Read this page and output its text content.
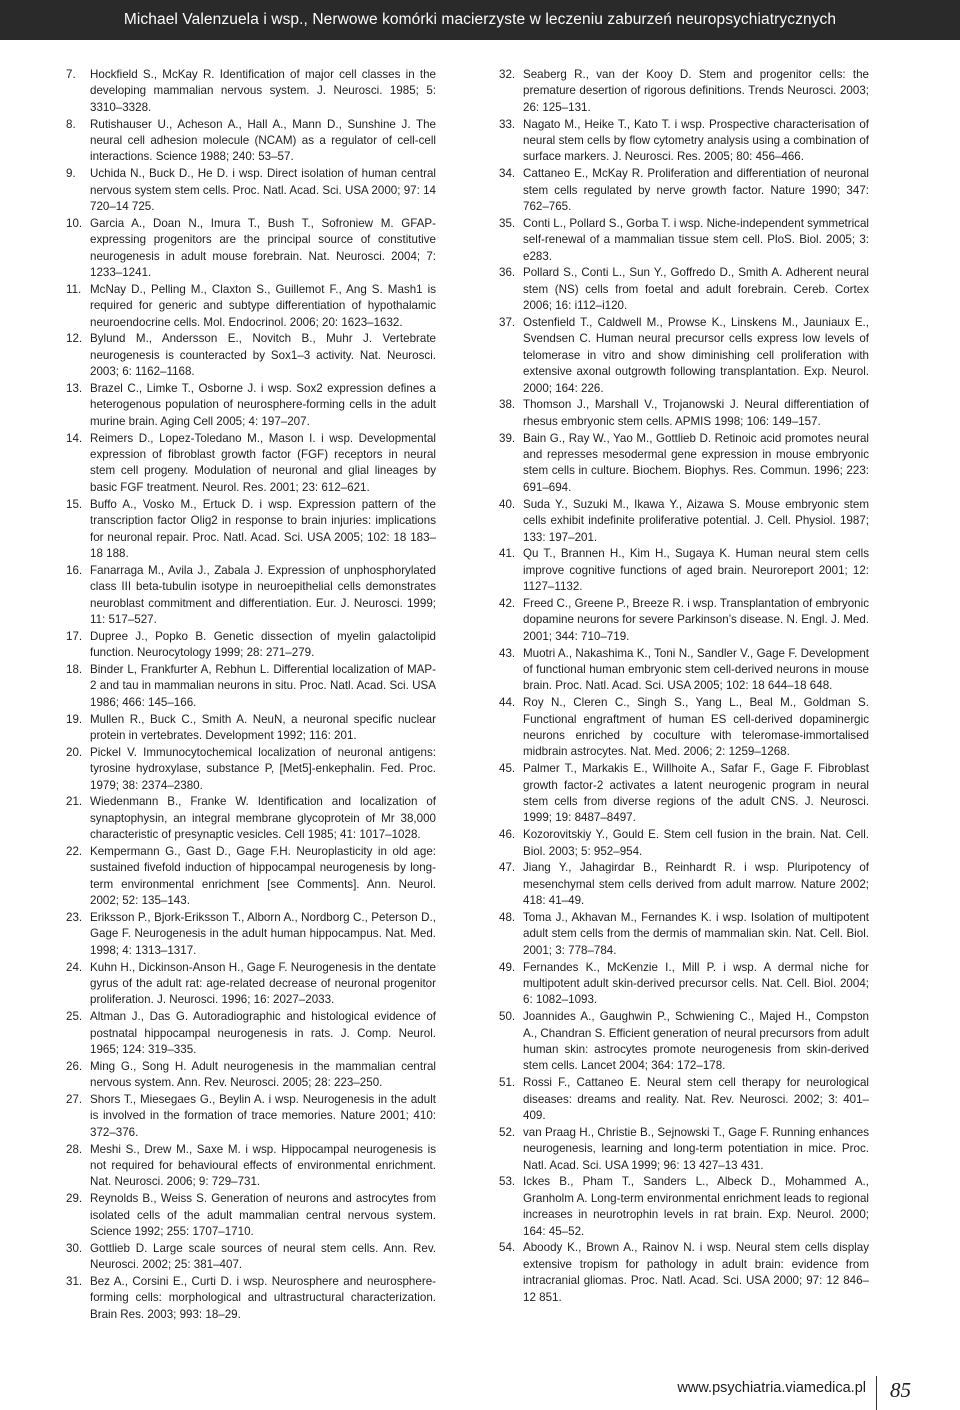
Michael Valenzuela i wsp., Nerwowe komórki macierzyste w leczeniu zaburzeń neuropsychiatrycznych
7.	Hockfield S., McKay R. Identification of major cell classes in the developing mammalian nervous system. J. Neurosci. 1985; 5: 3310–3328.
8.	Rutishauser U., Acheson A., Hall A., Mann D., Sunshine J. The neural cell adhesion molecule (NCAM) as a regulator of cell-cell interactions. Science 1988; 240: 53–57.
9.	Uchida N., Buck D., He D. i wsp. Direct isolation of human central nervous system stem cells. Proc. Natl. Acad. Sci. USA 2000; 97: 14 720–14 725.
10. Garcia A., Doan N., Imura T., Bush T., Sofroniew M. GFAP-expressing progenitors are the principal source of constitutive neurogenesis in adult mouse forebrain. Nat. Neurosci. 2004; 7: 1233–1241.
11. McNay D., Pelling M., Claxton S., Guillemot F., Ang S. Mash1 is required for generic and subtype differentiation of hypothalamic neuroendocrine cells. Mol. Endocrinol. 2006; 20: 1623–1632.
12. Bylund M., Andersson E., Novitch B., Muhr J. Vertebrate neurogenesis is counteracted by Sox1–3 activity. Nat. Neurosci. 2003; 6: 1162–1168.
13. Brazel C., Limke T., Osborne J. i wsp. Sox2 expression defines a heterogenous population of neurosphere-forming cells in the adult murine brain. Aging Cell 2005; 4: 197–207.
14. Reimers D., Lopez-Toledano M., Mason I. i wsp. Developmental expression of fibroblast growth factor (FGF) receptors in neural stem cell progeny. Modulation of neuronal and glial lineages by basic FGF treatment. Neurol. Res. 2001; 23: 612–621.
15. Buffo A., Vosko M., Ertuck D. i wsp. Expression pattern of the transcription factor Olig2 in response to brain injuries: implications for neuronal repair. Proc. Natl. Acad. Sci. USA 2005; 102: 18 183–18 188.
16. Fanarraga M., Avila J., Zabala J. Expression of unphosphorylated class III beta-tubulin isotype in neuroepithelial cells demonstrates neuroblast commitment and differentiation. Eur. J. Neurosci. 1999; 11: 517–527.
17. Dupree J., Popko B. Genetic dissection of myelin galactolipid function. Neurocytology 1999; 28: 271–279.
18. Binder L, Frankfurter A, Rebhun L. Differential localization of MAP-2 and tau in mammalian neurons in situ. Proc. Natl. Acad. Sci. USA 1986; 466: 145–166.
19. Mullen R., Buck C., Smith A. NeuN, a neuronal specific nuclear protein in vertebrates. Development 1992; 116: 201.
20. Pickel V. Immunocytochemical localization of neuronal antigens: tyrosine hydroxylase, substance P, [Met5]-enkephalin. Fed. Proc. 1979; 38: 2374–2380.
21. Wiedenmann B., Franke W. Identification and localization of synaptophysin, an integral membrane glycoprotein of Mr 38,000 characteristic of presynaptic vesicles. Cell 1985; 41: 1017–1028.
22. Kempermann G., Gast D., Gage F.H. Neuroplasticity in old age: sustained fivefold induction of hippocampal neurogenesis by long-term environmental enrichment [see Comments]. Ann. Neurol. 2002; 52: 135–143.
23. Eriksson P., Bjork-Eriksson T., Alborn A., Nordborg C., Peterson D., Gage F. Neurogenesis in the adult human hippocampus. Nat. Med. 1998; 4: 1313–1317.
24. Kuhn H., Dickinson-Anson H., Gage F. Neurogenesis in the dentate gyrus of the adult rat: age-related decrease of neuronal progenitor proliferation. J. Neurosci. 1996; 16: 2027–2033.
25. Altman J., Das G. Autoradiographic and histological evidence of postnatal hippocampal neurogenesis in rats. J. Comp. Neurol. 1965; 124: 319–335.
26. Ming G., Song H. Adult neurogenesis in the mammalian central nervous system. Ann. Rev. Neurosci. 2005; 28: 223–250.
27. Shors T., Miesegaes G., Beylin A. i wsp. Neurogenesis in the adult is involved in the formation of trace memories. Nature 2001; 410: 372–376.
28. Meshi S., Drew M., Saxe M. i wsp. Hippocampal neurogenesis is not required for behavioural effects of environmental enrichment. Nat. Neurosci. 2006; 9: 729–731.
29. Reynolds B., Weiss S. Generation of neurons and astrocytes from isolated cells of the adult mammalian central nervous system. Science 1992; 255: 1707–1710.
30. Gottlieb D. Large scale sources of neural stem cells. Ann. Rev. Neurosci. 2002; 25: 381–407.
31. Bez A., Corsini E., Curti D. i wsp. Neurosphere and neurosphere-forming cells: morphological and ultrastructural characterization. Brain Res. 2003; 993: 18–29.
32. Seaberg R., van der Kooy D. Stem and progenitor cells: the premature desertion of rigorous definitions. Trends Neurosci. 2003; 26: 125–131.
33. Nagato M., Heike T., Kato T. i wsp. Prospective characterisation of neural stem cells by flow cytometry analysis using a combination of surface markers. J. Neurosci. Res. 2005; 80: 456–466.
34. Cattaneo E., McKay R. Proliferation and differentiation of neuronal stem cells regulated by nerve growth factor. Nature 1990; 347: 762–765.
35. Conti L., Pollard S., Gorba T. i wsp. Niche-independent symmetrical self-renewal of a mammalian tissue stem cell. PloS. Biol. 2005; 3: e283.
36. Pollard S., Conti L., Sun Y., Goffredo D., Smith A. Adherent neural stem (NS) cells from foetal and adult forebrain. Cereb. Cortex 2006; 16: i112–i120.
37. Ostenfield T., Caldwell M., Prowse K., Linskens M., Jauniaux E., Svendsen C. Human neural precursor cells express low levels of telomerase in vitro and show diminishing cell proliferation with extensive axonal outgrowth following transplantation. Exp. Neurol. 2000; 164: 226.
38. Thomson J., Marshall V., Trojanowski J. Neural differentiation of rhesus embryonic stem cells. APMIS 1998; 106: 149–157.
39. Bain G., Ray W., Yao M., Gottlieb D. Retinoic acid promotes neural and represses mesodermal gene expression in mouse embryonic stem cells in culture. Biochem. Biophys. Res. Commun. 1996; 223: 691–694.
40. Suda Y., Suzuki M., Ikawa Y., Aizawa S. Mouse embryonic stem cells exhibit indefinite proliferative potential. J. Cell. Physiol. 1987; 133: 197–201.
41. Qu T., Brannen H., Kim H., Sugaya K. Human neural stem cells improve cognitive functions of aged brain. Neuroreport 2001; 12: 1127–1132.
42. Freed C., Greene P., Breeze R. i wsp. Transplantation of embryonic dopamine neurons for severe Parkinson’s disease. N. Engl. J. Med. 2001; 344: 710–719.
43. Muotri A., Nakashima K., Toni N., Sandler V., Gage F. Development of functional human embryonic stem cell-derived neurons in mouse brain. Proc. Natl. Acad. Sci. USA 2005; 102: 18 644–18 648.
44. Roy N., Cleren C., Singh S., Yang L., Beal M., Goldman S. Functional engraftment of human ES cell-derived dopaminergic neurons enriched by coculture with teleromase-immortalised midbrain astrocytes. Nat. Med. 2006; 2: 1259–1268.
45. Palmer T., Markakis E., Willhoite A., Safar F., Gage F. Fibroblast growth factor-2 activates a latent neurogenic program in neural stem cells from diverse regions of the adult CNS. J. Neurosci. 1999; 19: 8487–8497.
46. Kozorovitskiy Y., Gould E. Stem cell fusion in the brain. Nat. Cell. Biol. 2003; 5: 952–954.
47. Jiang Y., Jahagirdar B., Reinhardt R. i wsp. Pluripotency of mesenchymal stem cells derived from adult marrow. Nature 2002; 418: 41–49.
48. Toma J., Akhavan M., Fernandes K. i wsp. Isolation of multipotent adult stem cells from the dermis of mammalian skin. Nat. Cell. Biol. 2001; 3: 778–784.
49. Fernandes K., McKenzie I., Mill P. i wsp. A dermal niche for multipotent adult skin-derived precursor cells. Nat. Cell. Biol. 2004; 6: 1082–1093.
50. Joannides A., Gaughwin P., Schwiening C., Majed H., Compston A., Chandran S. Efficient generation of neural precursors from adult human skin: astrocytes promote neurogenesis from skin-derived stem cells. Lancet 2004; 364: 172–178.
51. Rossi F., Cattaneo E. Neural stem cell therapy for neurological diseases: dreams and reality. Nat. Rev. Neurosci. 2002; 3: 401–409.
52. van Praag H., Christie B., Sejnowski T., Gage F. Running enhances neurogenesis, learning and long-term potentiation in mice. Proc. Natl. Acad. Sci. USA 1999; 96: 13 427–13 431.
53. Ickes B., Pham T., Sanders L., Albeck D., Mohammed A., Granholm A. Long-term environmental enrichment leads to regional increases in neurotrophin levels in rat brain. Exp. Neurol. 2000; 164: 45–52.
54. Aboody K., Brown A., Rainov N. i wsp. Neural stem cells display extensive tropism for pathology in adult brain: evidence from intracranial gliomas. Proc. Natl. Acad. Sci. USA 2000; 97: 12 846–12 851.
www.psychiatria.viamedica.pl 85
